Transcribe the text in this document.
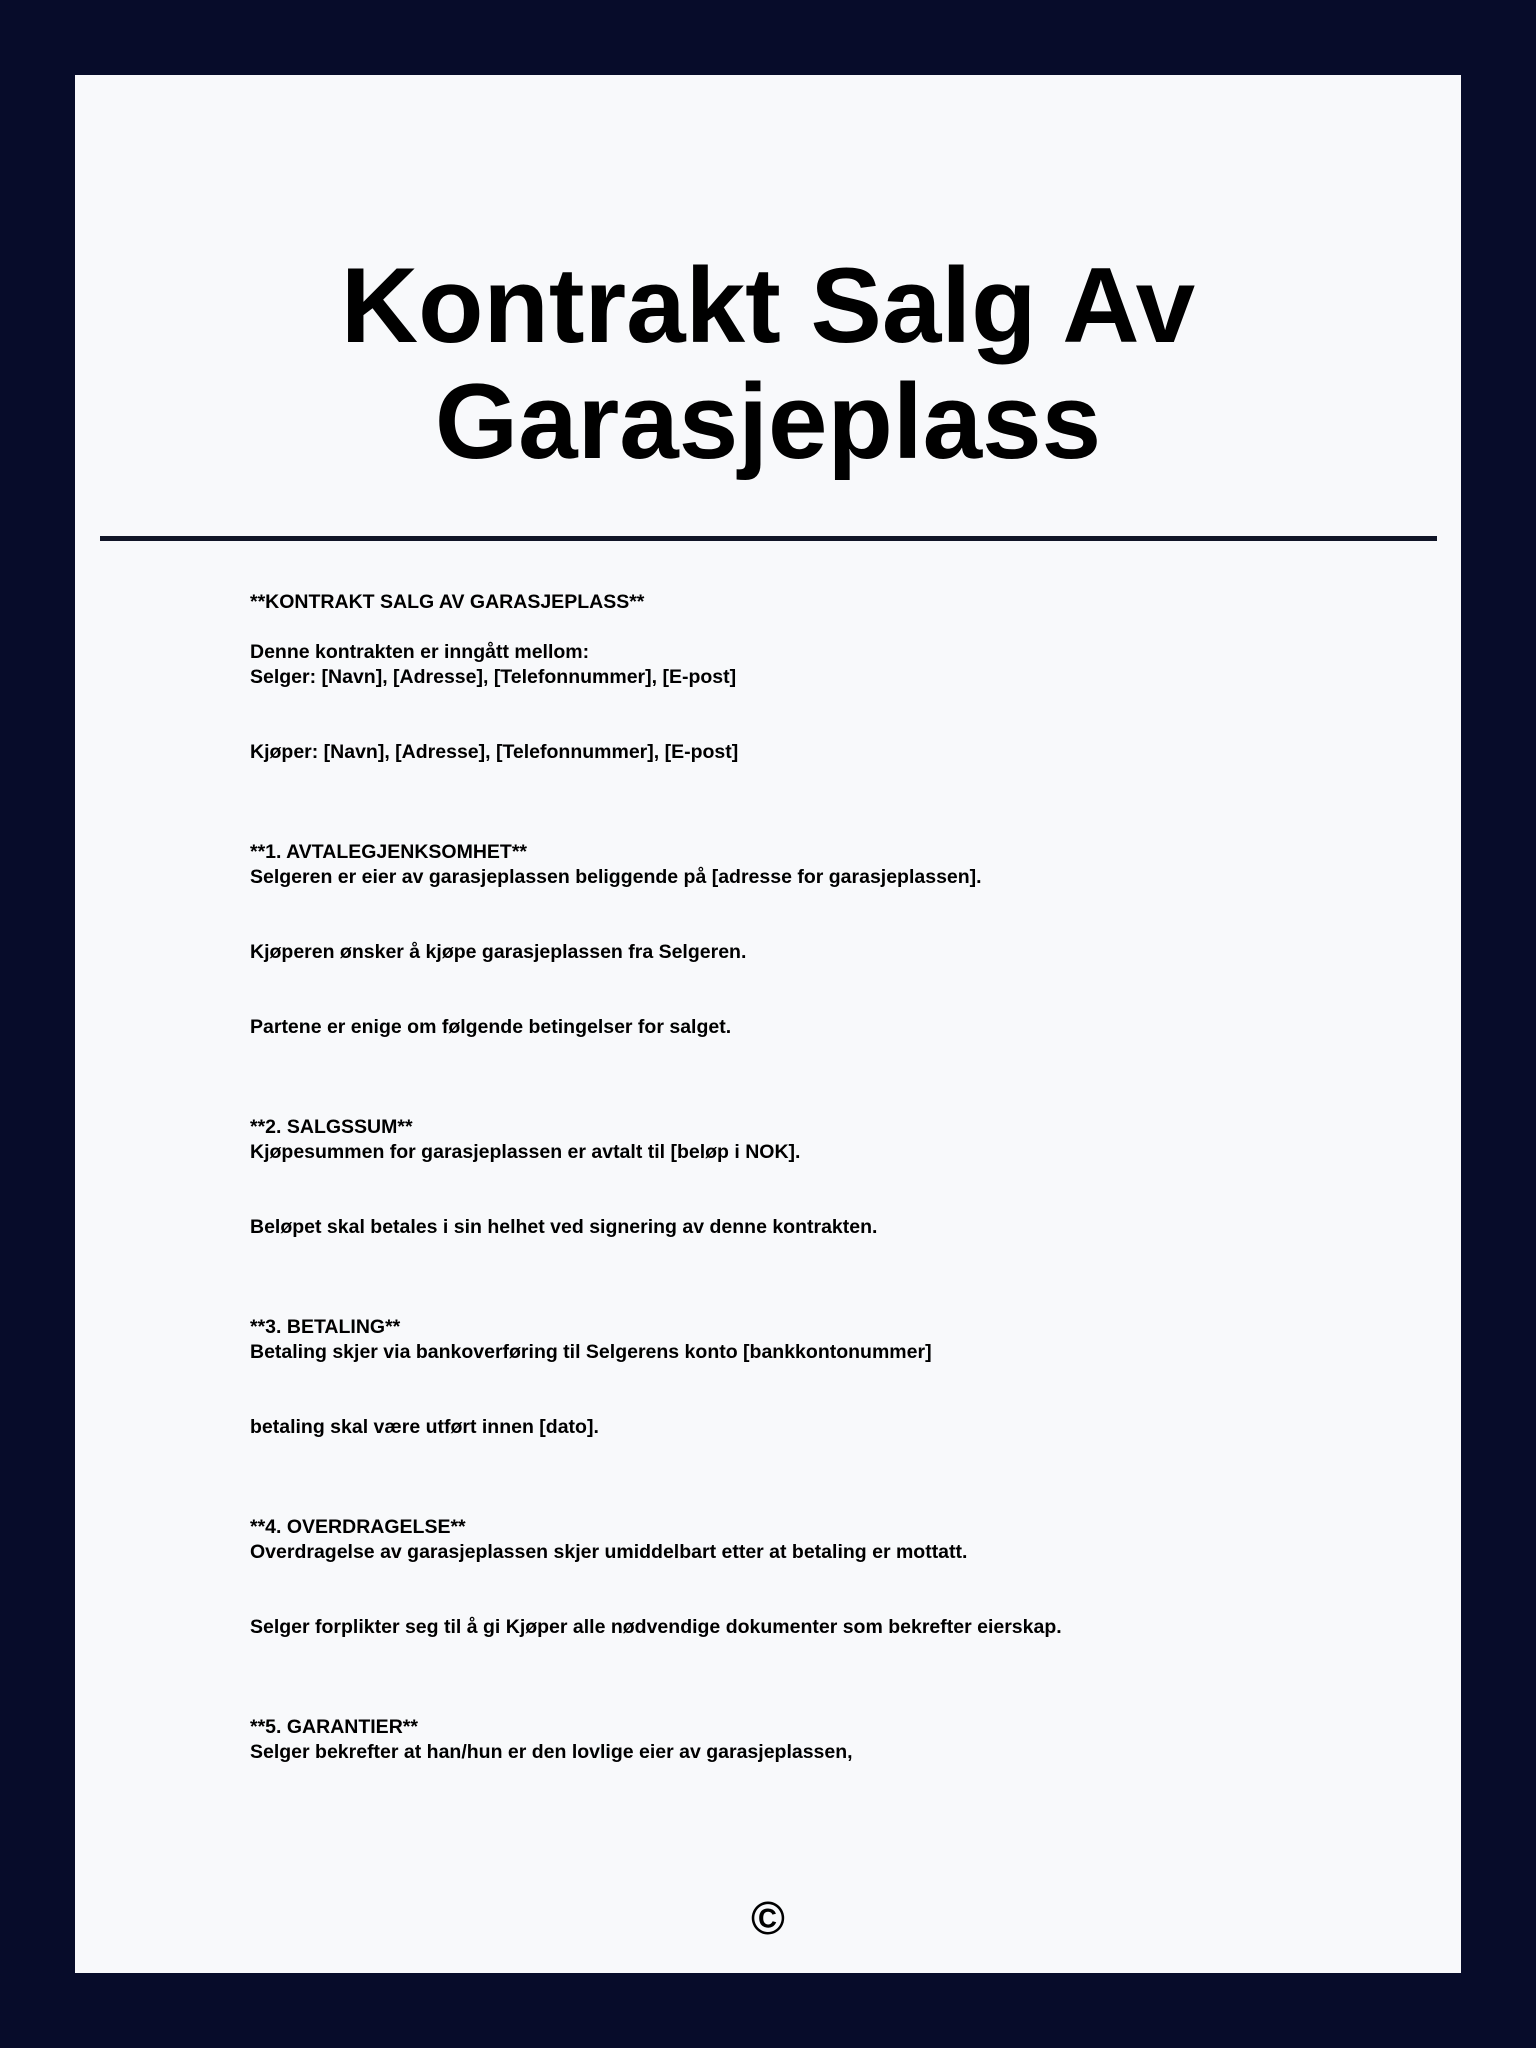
Kontrakt Salg Av Garasjeplass
**KONTRAKT SALG AV GARASJEPLASS**

Denne kontrakten er inngått mellom:
Selger: [Navn], [Adresse], [Telefonnummer], [E-post]

Kjøper: [Navn], [Adresse], [Telefonnummer], [E-post]

**1. AVTALEGJENKSOMHET**
Selgeren er eier av garasjeplassen beliggende på [adresse for garasjeplassen].

Kjøperen ønsker å kjøpe garasjeplassen fra Selgeren.

Partene er enige om følgende betingelser for salget.

**2. SALGSSUM**
Kjøpesummen for garasjeplassen er avtalt til [beløp i NOK].

Beløpet skal betales i sin helhet ved signering av denne kontrakten.

**3. BETALING**
Betaling skjer via bankoverføring til Selgerens konto [bankkontonummer]

betaling skal være utført innen [dato].

**4. OVERDRAGELSE**
Overdragelse av garasjeplassen skjer umiddelbart etter at betaling er mottatt.

Selger forplikter seg til å gi Kjøper alle nødvendige dokumenter som bekrefter eierskap.

**5. GARANTIER**
Selger bekrefter at han/hun er den lovlige eier av garasjeplassen,
©
